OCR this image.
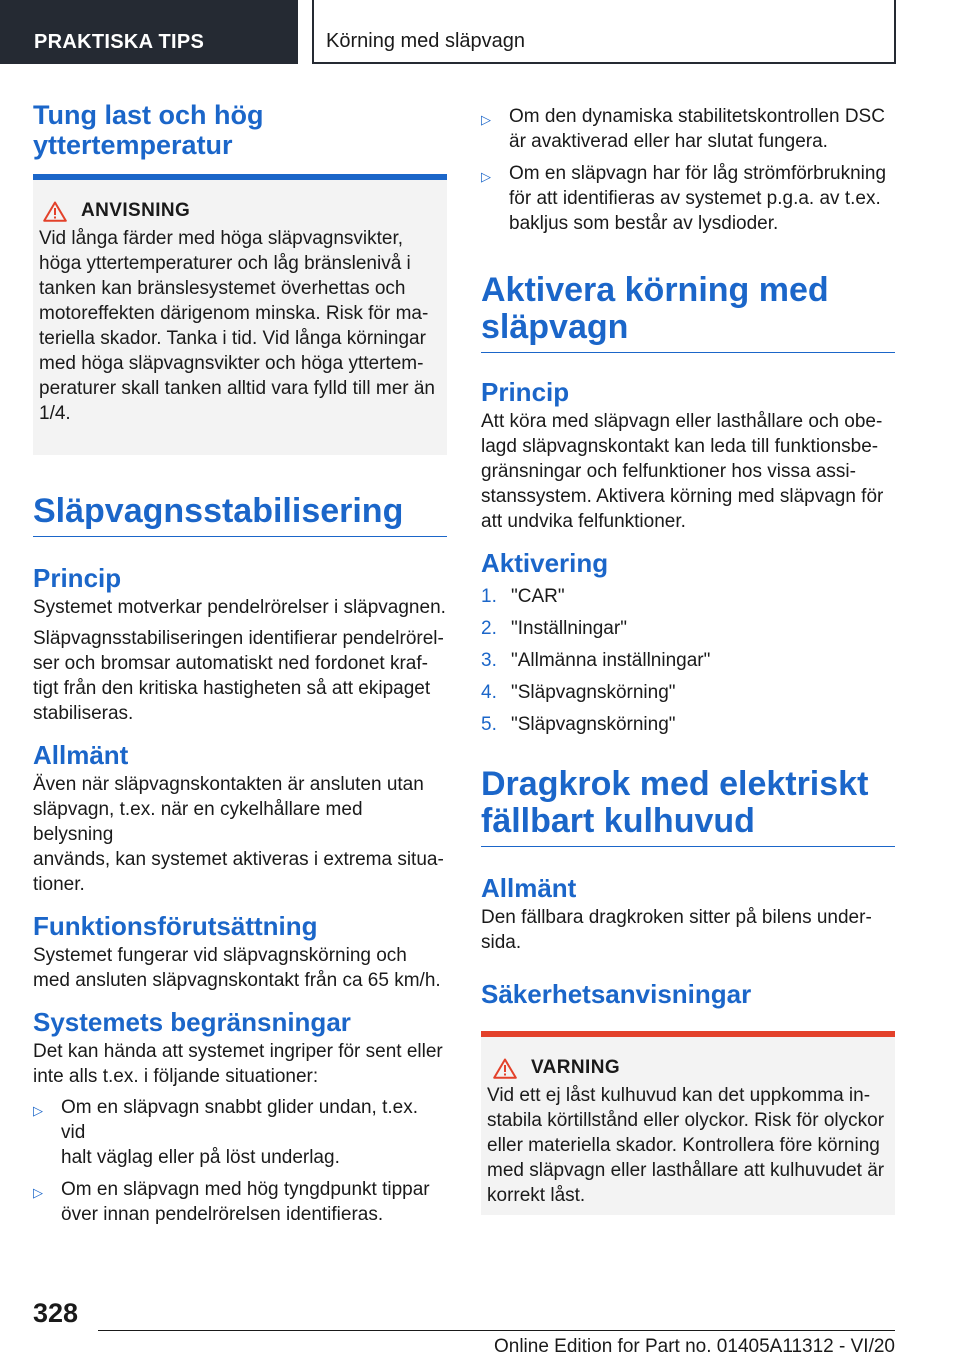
PRAKTISKA TIPS	Körning med släpvagn
Tung last och hög
yttertemperatur
ANVISNING

Vid långa färder med höga släpvagnsvikter,
höga yttertemperaturer och låg bränslenivå i
tanken kan bränslesystemet överhettas och
motoreffekten därigenom minska. Risk för ma-
teriella skador. Tanka i tid. Vid långa körningar
med höga släpvagnsvikter och höga yttertem-
peraturer skall tanken alltid vara fylld till mer än
1/4.

Släpvagnsstabilisering
Princip

Systemet motverkar pendelrörelser i släpvagnen.

Släpvagnsstabiliseringen identifierar pendelrörel-
ser och bromsar automatiskt ned fordonet kraf-
tigt från den kritiska hastigheten så att ekipaget
stabiliseras.

Allmänt

Även när släpvagnskontakten är ansluten utan
släpvagn, t.ex. när en cykelhållare med belysning
används, kan systemet aktiveras i extrema situa-
tioner.

Funktionsförutsättning

Systemet fungerar vid släpvagnskörning och
med ansluten släpvagnskontakt från ca 65 km/h.

Systemets begränsningar

Det kan hända att systemet ingriper för sent eller
inte alls t.ex. i följande situationer:

▷ Om en släpvagn snabbt glider undan, t.ex. vid
halt väglag eller på löst underlag.
▷ Om en släpvagn med hög tyngdpunkt tippar
över innan pendelrörelsen identifieras.
▷ Om den dynamiska stabilitetskontrollen DSC
är avaktiverad eller har slutat fungera.
▷ Om en släpvagn har för låg strömförbrukning
för att identifieras av systemet p.g.a. av t.ex.
bakljus som består av lysdioder.
Aktivera körning med
släpvagn
Princip

Att köra med släpvagn eller lasthållare och obe-
lagd släpvagnskontakt kan leda till funktionsbe-
gränsningar och felfunktioner hos vissa assi-
stanssystem. Aktivera körning med släpvagn för
att undvika felfunktioner.

Aktivering
1. "CAR"
2. "Inställningar"
3. "Allmänna inställningar"
4. "Släpvagnskörning"
5. "Släpvagnskörning"
Dragkrok med elektriskt
fällbart kulhuvud
Allmänt

Den fällbara dragkroken sitter på bilens under-
sida.

Säkerhetsanvisningar
VARNING

Vid ett ej låst kulhuvud kan det uppkomma in-
stabila körtillstånd eller olyckor. Risk för olyckor
eller materiella skador. Kontrollera före körning
med släpvagn eller lasthållare att kulhuvudet är
korrekt låst.

328
Online Edition for Part no. 01405A11312 - VI/20
